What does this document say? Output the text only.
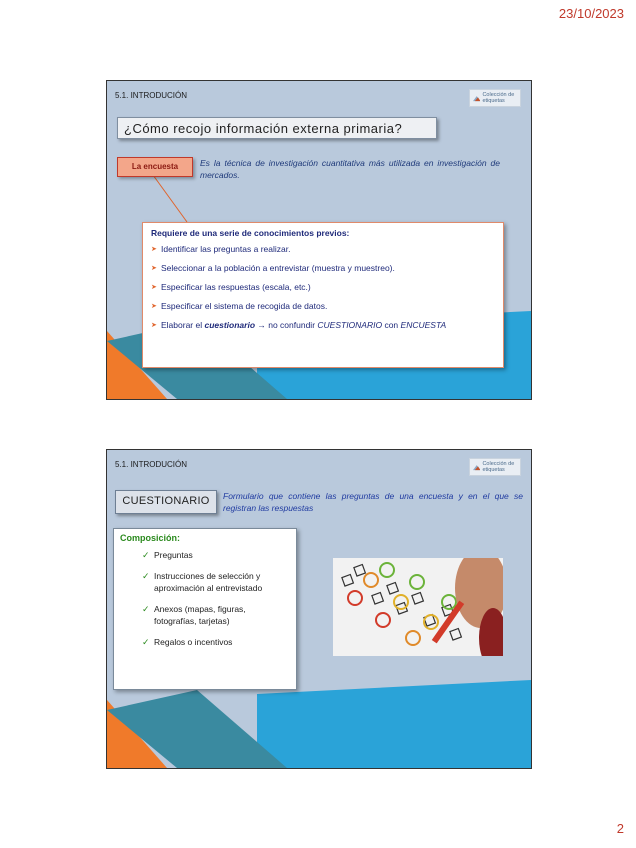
23/10/2023
5.1. INTRODUCIÓN	Colección de etiquetas
¿Cómo recojo información externa primaria?
La encuesta	Es la técnica de investigación cuantitativa más utilizada en investigación de mercados.
Requiere de una serie de conocimientos previos:
➤ Identificar las preguntas a realizar.
➤ Seleccionar a la población a entrevistar (muestra y muestreo).
➤ Especificar las respuestas (escala, etc.)
➤ Especificar el sistema de recogida de datos.
➤ Elaborar el cuestionario → no confundir CUESTIONARIO con ENCUESTA
5.1. INTRODUCIÓN	Colección de etiquetas
CUESTIONARIO	Formulario que contiene las preguntas de una encuesta y en el que se registran las respuestas
Composición:
✓ Preguntas
✓ Instrucciones de selección y aproximación al entrevistado
✓ Anexos (mapas, figuras, fotografías, tarjetas)
✓ Regalos o incentivos
2
